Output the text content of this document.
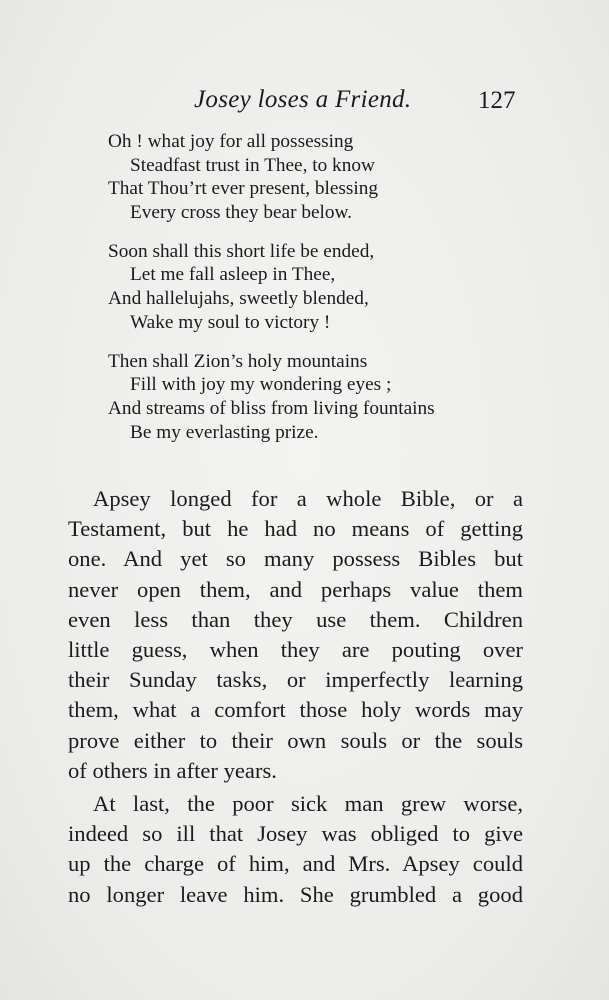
Josey loses a Friend.	127
Oh ! what joy for all possessing
Steadfast trust in Thee, to know
That Thou’rt ever present, blessing
Every cross they bear below.
Soon shall this short life be ended,
Let me fall asleep in Thee,
And hallelujahs, sweetly blended,
Wake my soul to victory !
Then shall Zion’s holy mountains
Fill with joy my wondering eyes ;
And streams of bliss from living fountains
Be my everlasting prize.
Apsey longed for a whole Bible, or a
Testament, but he had no means of getting
one. And yet so many possess Bibles but
never open them, and perhaps value them
even less than they use them. Children
little guess, when they are pouting over
their Sunday tasks, or imperfectly learning
them, what a comfort those holy words may
prove either to their own souls or the souls
of others in after years.
At last, the poor sick man grew worse,
indeed so ill that Josey was obliged to give
up the charge of him, and Mrs. Apsey could
no longer leave him. She grumbled a good
